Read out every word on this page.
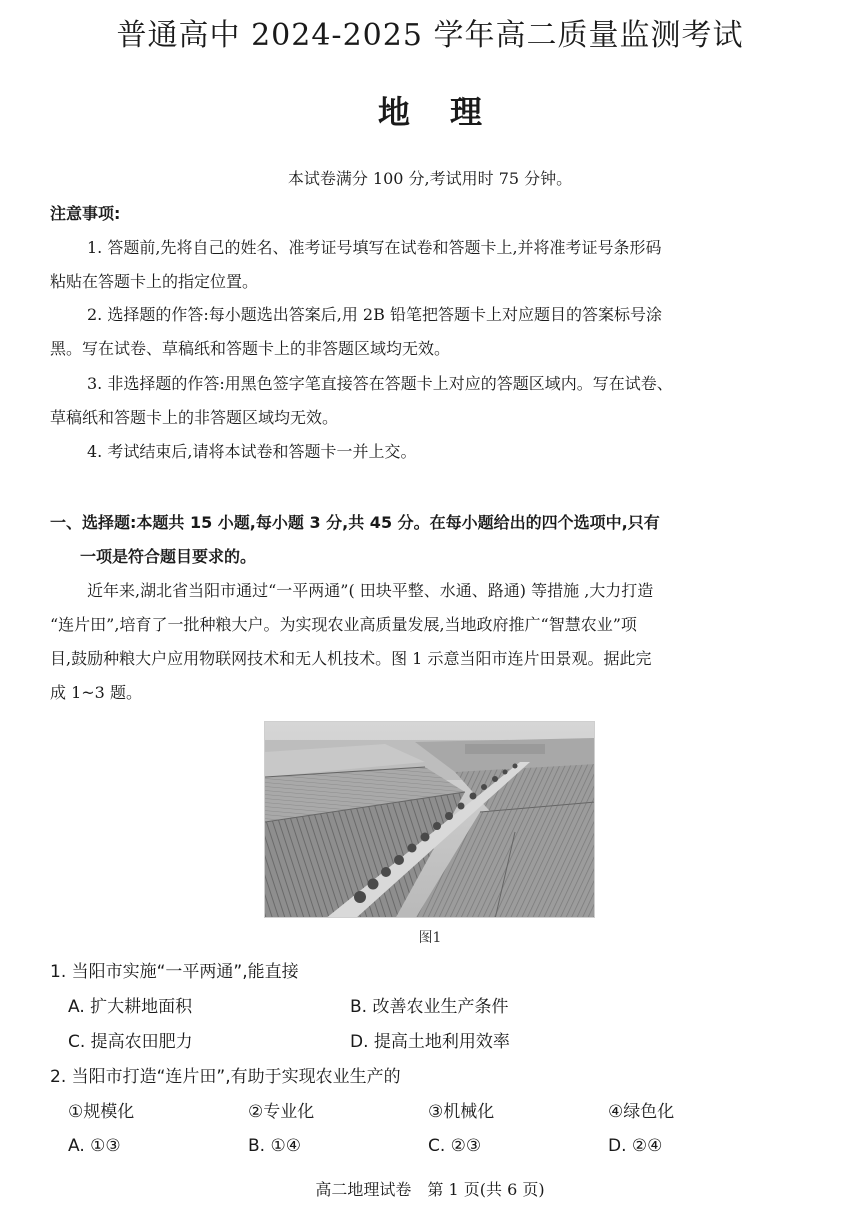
普通高中 2024-2025 学年高二质量监测考试
地理
本试卷满分 100 分,考试用时 75 分钟。
注意事项:
1. 答题前,先将自己的姓名、准考证号填写在试卷和答题卡上,并将准考证号条形码
粘贴在答题卡上的指定位置。
2. 选择题的作答:每小题选出答案后,用 2B 铅笔把答题卡上对应题目的答案标号涂
黑。写在试卷、草稿纸和答题卡上的非答题区域均无效。
3. 非选择题的作答:用黑色签字笔直接答在答题卡上对应的答题区域内。写在试卷、
草稿纸和答题卡上的非答题区域均无效。
4. 考试结束后,请将本试卷和答题卡一并上交。
一、选择题:本题共 15 小题,每小题 3 分,共 45 分。在每小题给出的四个选项中,只有
一项是符合题目要求的。
近年来,湖北省当阳市通过“一平两通”( 田块平整、水通、路通) 等措施 ,大力打造
“连片田”,培育了一批种粮大户。为实现农业高质量发展,当地政府推广“智慧农业”项
目,鼓励种粮大户应用物联网技术和无人机技术。图 1 示意当阳市连片田景观。据此完
成 1~3 题。
图1
1. 当阳市实施“一平两通”,能直接
A. 扩大耕地面积	B. 改善农业生产条件
C. 提高农田肥力	D. 提高土地利用效率
2. 当阳市打造“连片田”,有助于实现农业生产的
①规模化	②专业化	③机械化	④绿色化
A. ①③	B. ①④	C. ②③	D. ②④
高二地理试卷　第 1 页(共 6 页)
